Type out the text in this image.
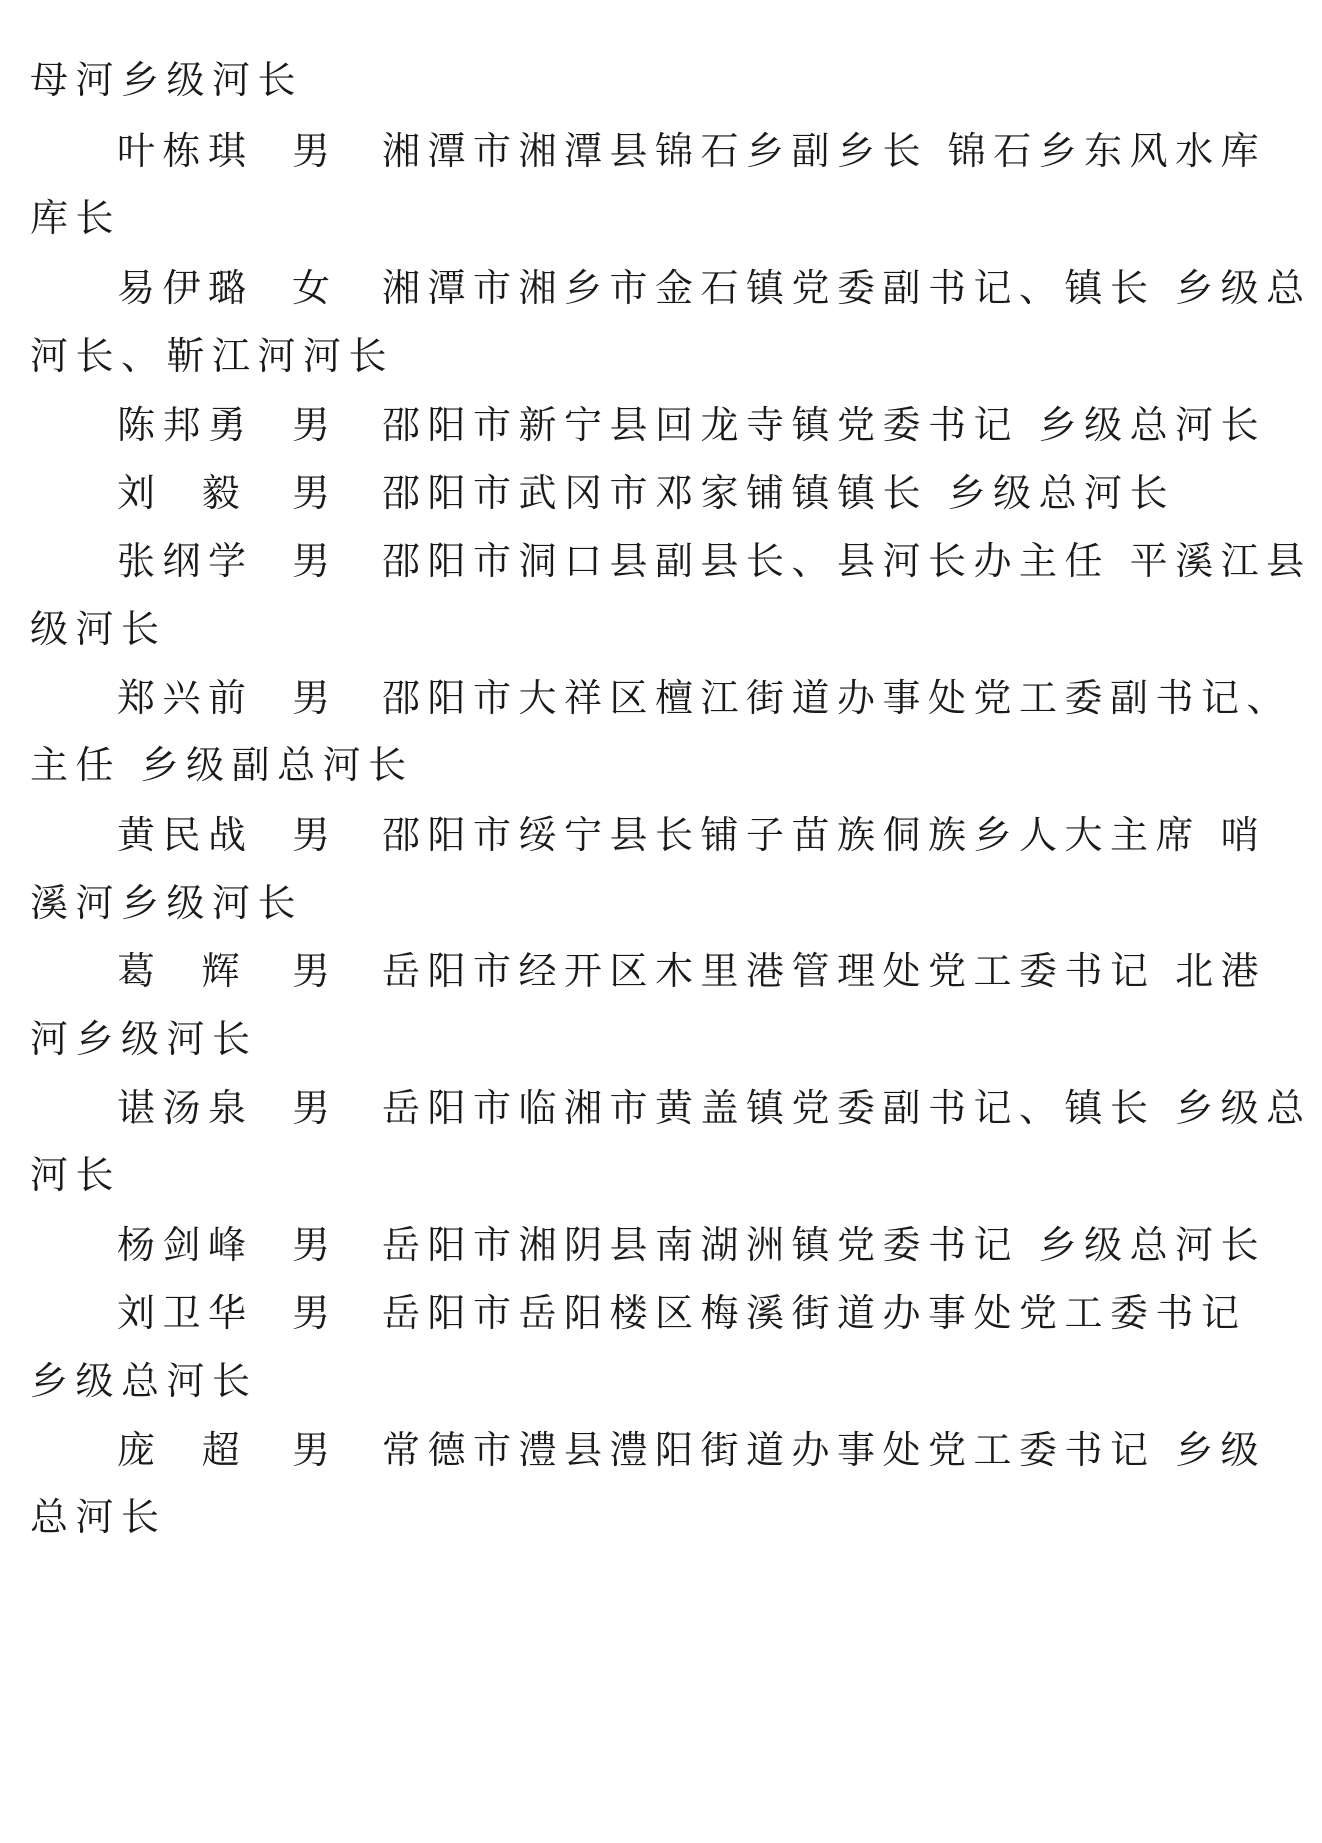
母河乡级河长
叶栋琪 男 湘潭市湘潭县锦石乡副乡长 锦石乡东风水库
库长
易伊璐 女 湘潭市湘乡市金石镇党委副书记、镇长 乡级总
河长、靳江河河长
陈邦勇 男 邵阳市新宁县回龙寺镇党委书记 乡级总河长
刘  毅 男 邵阳市武冈市邓家铺镇镇长 乡级总河长
张纲学 男 邵阳市洞口县副县长、县河长办主任 平溪江县
级河长
郑兴前 男 邵阳市大祥区檀江街道办事处党工委副书记、
主任 乡级副总河长
黄民战 男 邵阳市绥宁县长铺子苗族侗族乡人大主席 哨
溪河乡级河长
葛  辉 男 岳阳市经开区木里港管理处党工委书记 北港
河乡级河长
谌汤泉 男 岳阳市临湘市黄盖镇党委副书记、镇长 乡级总
河长
杨剑峰 男 岳阳市湘阴县南湖洲镇党委书记 乡级总河长
刘卫华 男 岳阳市岳阳楼区梅溪街道办事处党工委书记
乡级总河长
庞  超 男 常德市澧县澧阳街道办事处党工委书记 乡级
总河长
